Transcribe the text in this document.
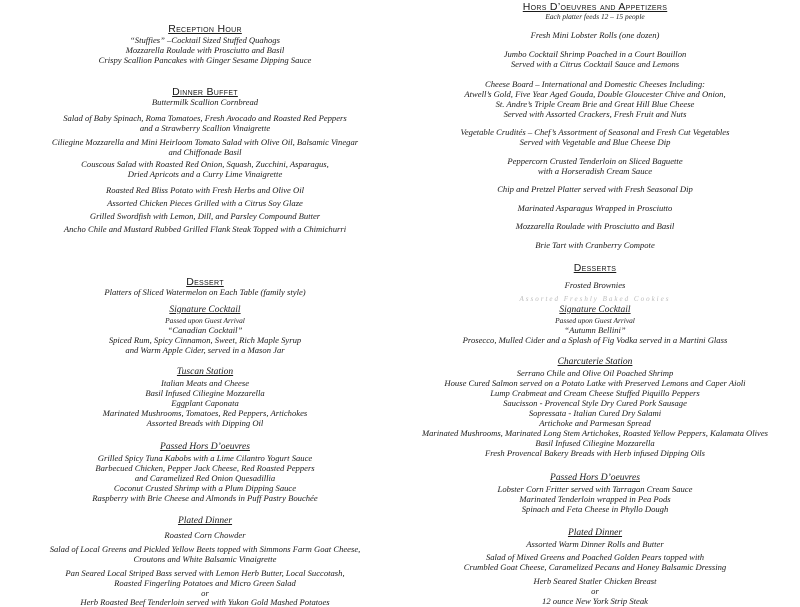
Reception Hour
“Stuffies” –Cocktail Sized Stuffed Quahogs
Mozzarella Roulade with Prosciutto and Basil
Crispy Scallion Pancakes with Ginger Sesame Dipping Sauce
Dinner Buffet
Buttermilk Scallion Cornbread
Salad of Baby Spinach, Roma Tomatoes, Fresh Avocado and Roasted Red Peppers
and a Strawberry Scallion Vinaigrette
Ciliegine Mozzarella and Mini Heirloom Tomato Salad with Olive Oil, Balsamic Vinegar
and Chiffonade Basil
Couscous Salad with Roasted Red Onion, Squash, Zucchini, Asparagus,
Dried Apricots and a Curry Lime Vinaigrette
Roasted Red Bliss Potato with Fresh Herbs and Olive Oil
Assorted Chicken Pieces Grilled with a Citrus Soy Glaze
Grilled Swordfish with Lemon, Dill, and Parsley Compound Butter
Ancho Chile and Mustard Rubbed Grilled Flank Steak Topped with a Chimichurri
Dessert
Platters of Sliced Watermelon on Each Table (family style)
Hors D’oeuvres and Appetizers
Each platter feeds 12 – 15 people
Fresh Mini Lobster Rolls (one dozen)
Jumbo Cocktail Shrimp Poached in a Court Bouillon
Served with a Citrus Cocktail Sauce and Lemons
Cheese Board – International and Domestic Cheeses Including:
Atwell’s Gold, Five Year Aged Gouda, Double Gloucester Chive and Onion,
St. Andre’s Triple Cream Brie and Great Hill Blue Cheese
Served with Assorted Crackers, Fresh Fruit and Nuts
Vegetable Crudités – Chef’s Assortment of Seasonal and Fresh Cut Vegetables
Served with Vegetable and Blue Cheese Dip
Peppercorn Crusted Tenderloin on Sliced Baguette
with a Horseradish Cream Sauce
Chip and Pretzel Platter served with Fresh Seasonal Dip
Marinated Asparagus Wrapped in Prosciutto
Mozzarella Roulade with Prosciutto and Basil
Brie Tart with Cranberry Compote
Desserts
Frosted Brownies
Assorted Freshly Baked Cookies
Signature Cocktail
Passed upon Guest Arrival
“Canadian Cocktail”
Spiced Rum, Spicy Cinnamon, Sweet, Rich Maple Syrup
and Warm Apple Cider, served in a Mason Jar
Tuscan Station
Italian Meats and Cheese
Basil Infused Ciliegine Mozzarella
Eggplant Caponata
Marinated Mushrooms, Tomatoes, Red Peppers, Artichokes
Assorted Breads with Dipping Oil
Passed Hors D’oeuvres
Grilled Spicy Tuna Kabobs with a Lime Cilantro Yogurt Sauce
Barbecued Chicken, Pepper Jack Cheese, Red Roasted Peppers
and Caramelized Red Onion Quesadillia
Coconut Crusted Shrimp with a Plum Dipping Sauce
Raspberry with Brie Cheese and Almonds in Puff Pastry Bouchée
Plated Dinner
Roasted Corn Chowder
Salad of Local Greens and Pickled Yellow Beets topped with Simmons Farm Goat Cheese,
Croutons and White Balsamic Vinaigrette
Pan Seared Local Striped Bass served with Lemon Herb Butter, Local Succotash,
Roasted Fingerling Potatoes and Micro Green Salad
or
Herb Roasted Beef Tenderloin served with Yukon Gold Mashed Potatoes
Signature Cocktail
Passed upon Guest Arrival
“Autumn Bellini”
Prosecco, Mulled Cider and a Splash of Fig Vodka served in a Martini Glass
Charcuterie Station
Serrano Chile and Olive Oil Poached Shrimp
House Cured Salmon served on a Potato Latke with Preserved Lemons and Caper Aioli
Lump Crabmeat and Cream Cheese Stuffed Piquillo Peppers
Saucisson - Provencal Style Dry Cured Pork Sausage
Sopressata - Italian Cured Dry Salami
Artichoke and Parmesan Spread
Marinated Mushrooms, Marinated Long Stem Artichokes, Roasted Yellow Peppers, Kalamata Olives
Basil Infused Ciliegine Mozzarella
Fresh Provencal Bakery Breads with Herb infused Dipping Oils
Passed Hors D’oeuvres
Lobster Corn Fritter served with Tarragon Cream Sauce
Marinated Tenderloin wrapped in Pea Pods
Spinach and Feta Cheese in Phyllo Dough
Plated Dinner
Assorted Warm Dinner Rolls and Butter
Salad of Mixed Greens and Poached Golden Pears topped with
Crumbled Goat Cheese, Caramelized Pecans and Honey Balsamic Dressing
Herb Seared Statler Chicken Breast
or
12 ounce New York Strip Steak
